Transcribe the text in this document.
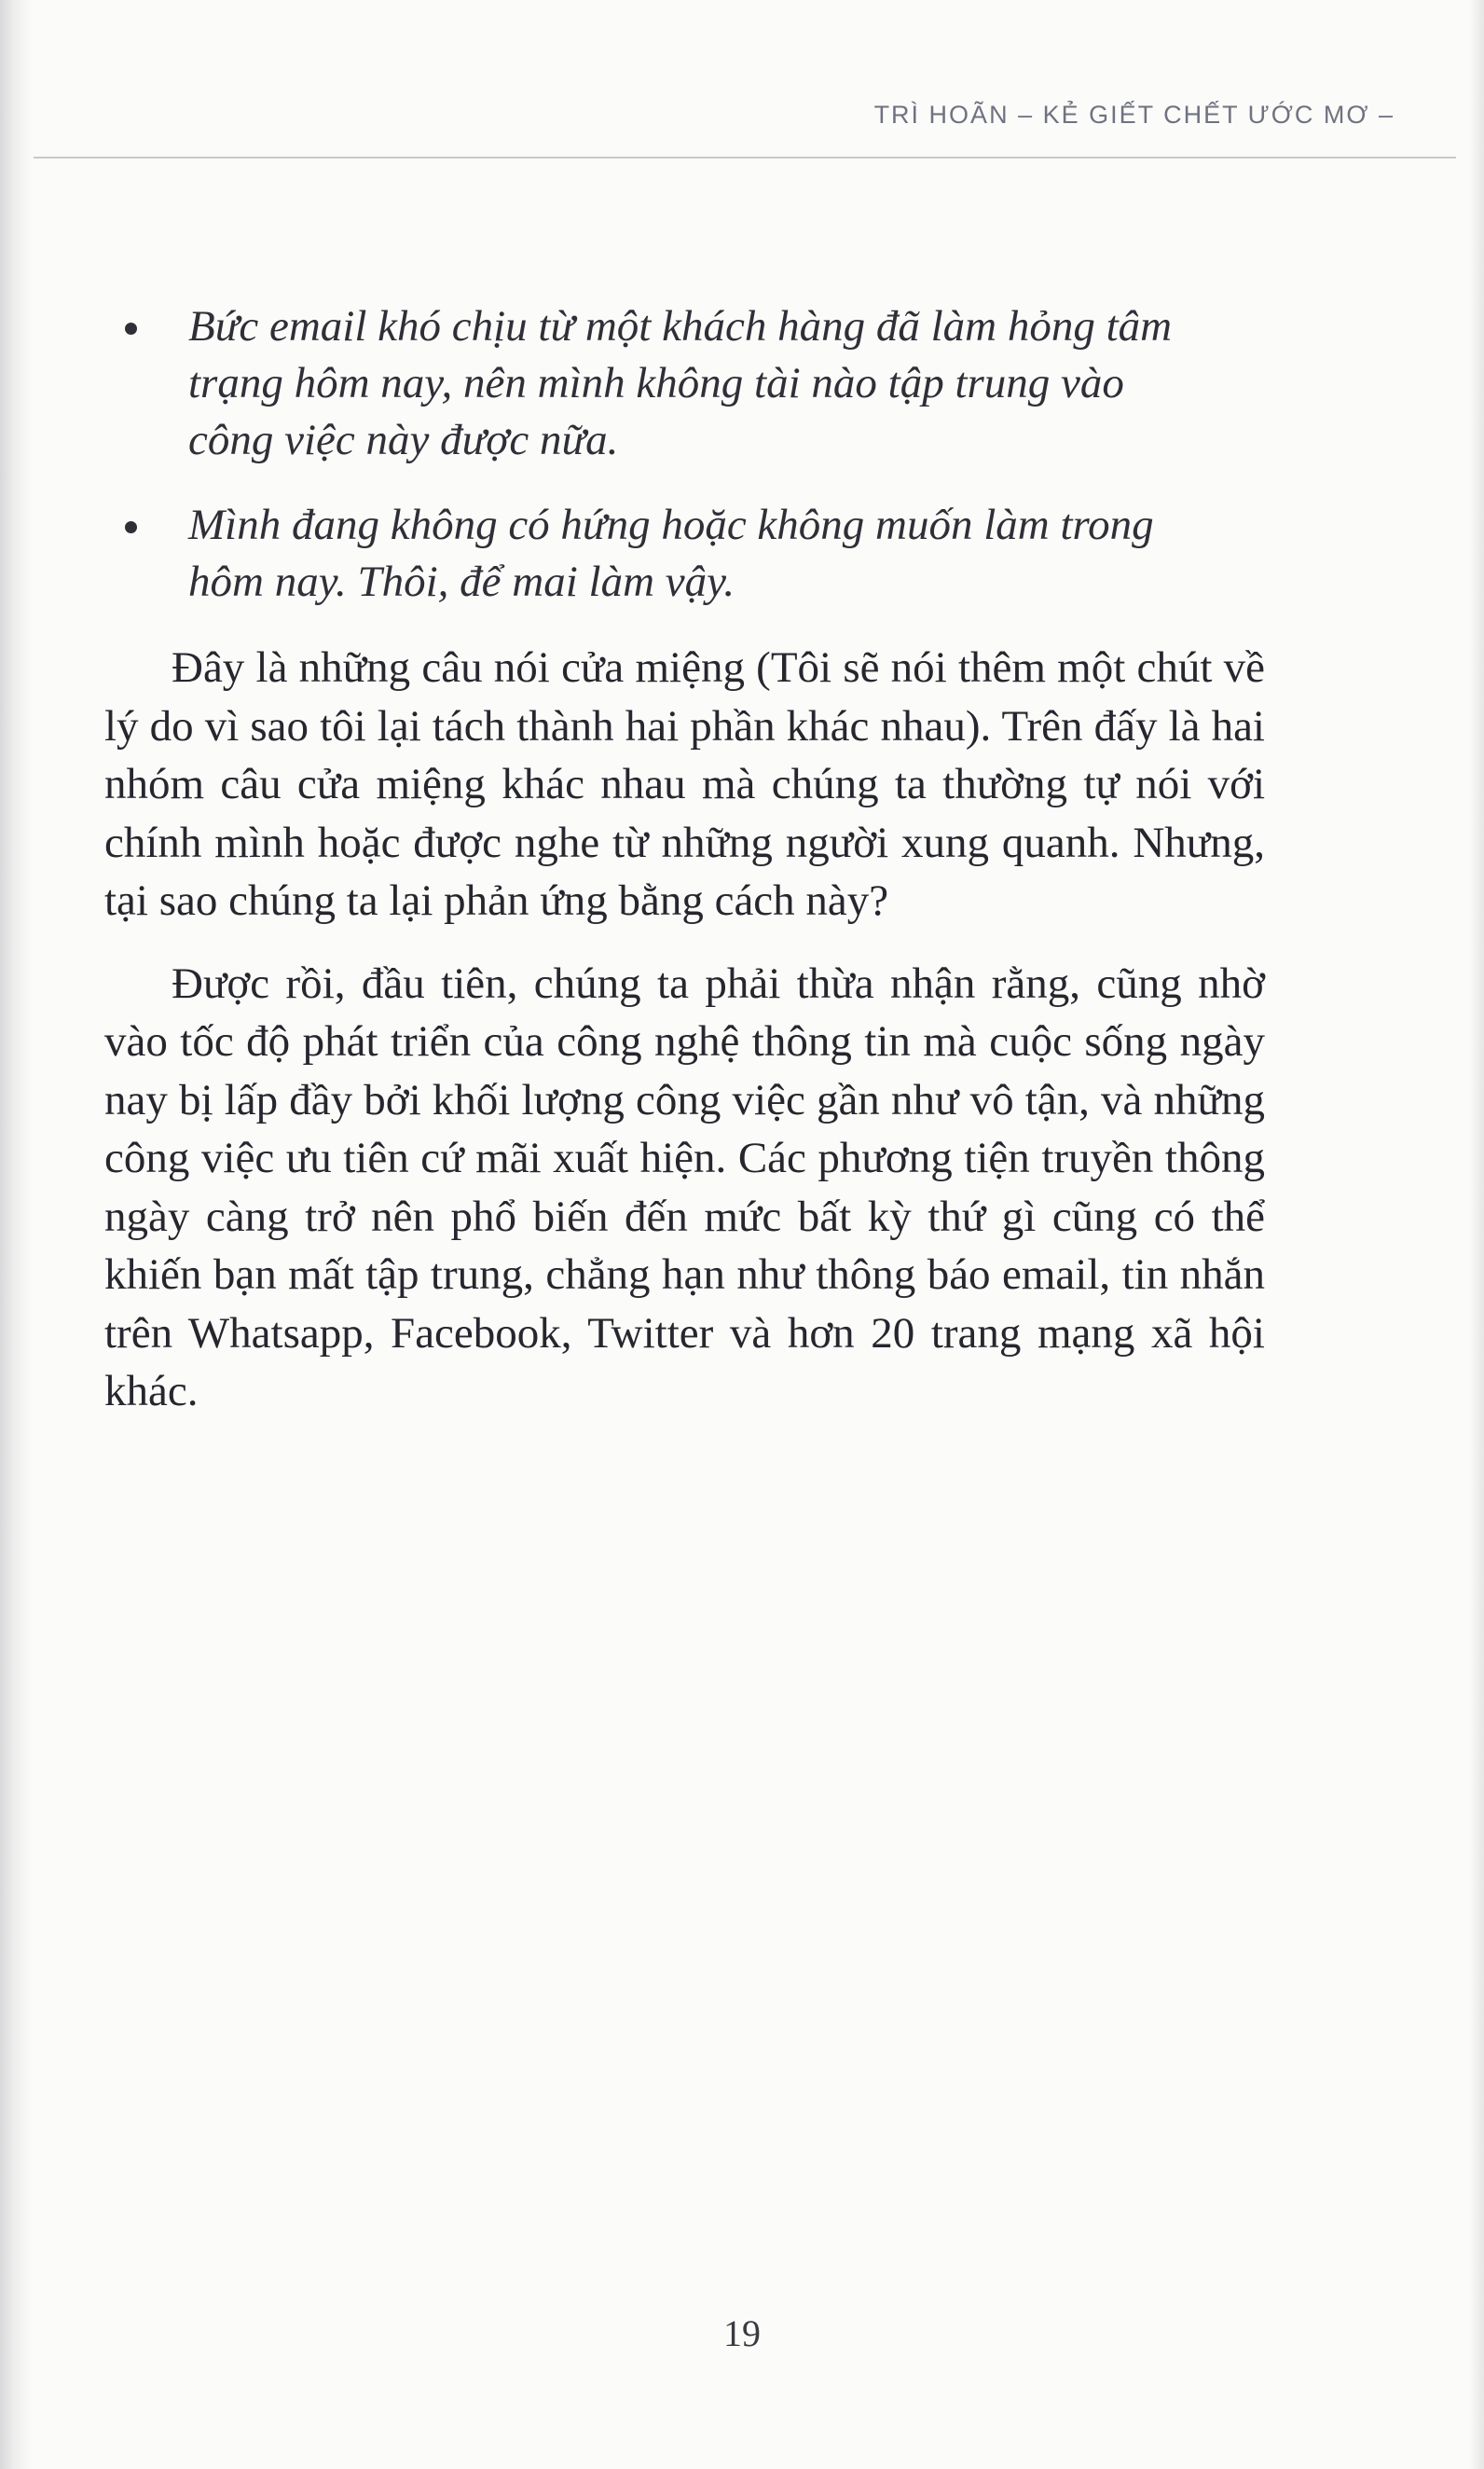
TRÌ HOÃN – KẺ GIẾT CHẾT ƯỚC MƠ –
Bức email khó chịu từ một khách hàng đã làm hỏng tâm trạng hôm nay, nên mình không tài nào tập trung vào công việc này được nữa.
Mình đang không có hứng hoặc không muốn làm trong hôm nay. Thôi, để mai làm vậy.

Đây là những câu nói cửa miệng (Tôi sẽ nói thêm một chút về lý do vì sao tôi lại tách thành hai phần khác nhau). Trên đấy là hai nhóm câu cửa miệng khác nhau mà chúng ta thường tự nói với chính mình hoặc được nghe từ những người xung quanh. Nhưng, tại sao chúng ta lại phản ứng bằng cách này?

Được rồi, đầu tiên, chúng ta phải thừa nhận rằng, cũng nhờ vào tốc độ phát triển của công nghệ thông tin mà cuộc sống ngày nay bị lấp đầy bởi khối lượng công việc gần như vô tận, và những công việc ưu tiên cứ mãi xuất hiện. Các phương tiện truyền thông ngày càng trở nên phổ biến đến mức bất kỳ thứ gì cũng có thể khiến bạn mất tập trung, chẳng hạn như thông báo email, tin nhắn trên Whatsapp, Facebook, Twitter và hơn 20 trang mạng xã hội khác.

19
